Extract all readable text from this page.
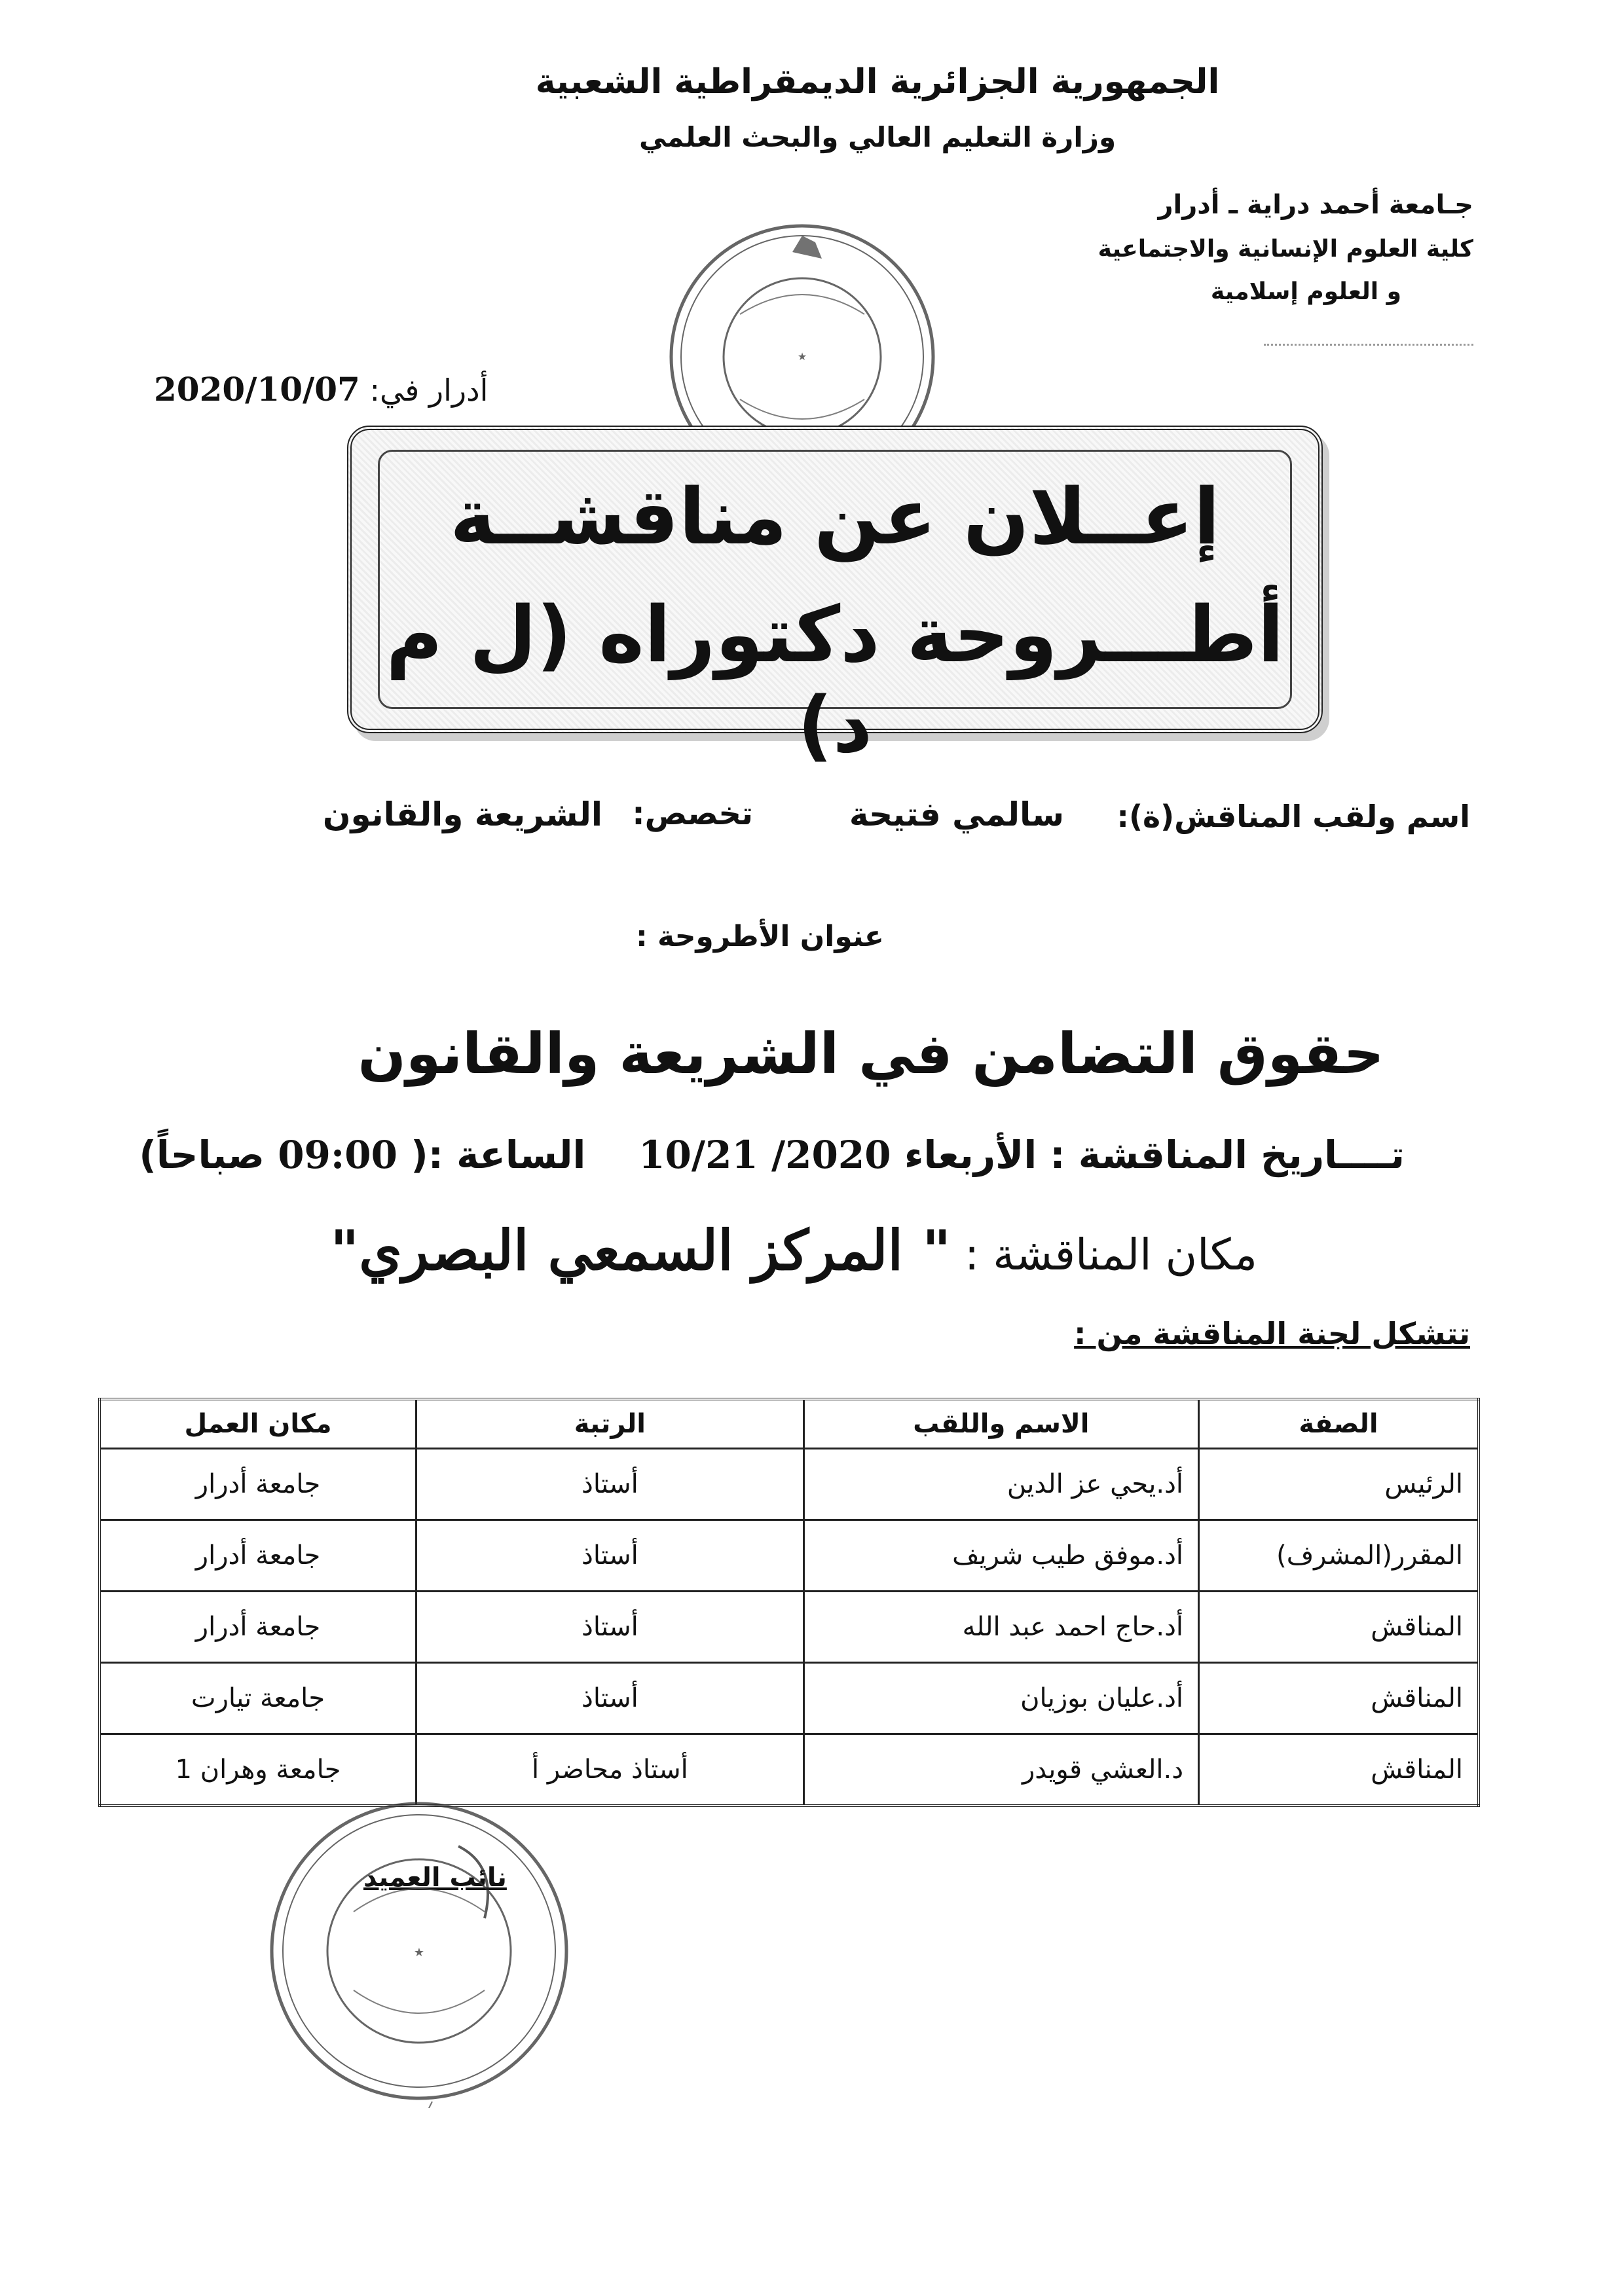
الجمهورية الجزائرية الديمقراطية الشعبية
وزارة التعليم العالي والبحث العلمي
جـامعة أحمد دراية ـ أدرار
كلية العلوم الإنسانية والاجتماعية
و العلوم إسلامية
أدرار في: 2020/10/07
★
إعــلان عن مناقشــة
أطـــروحة دكتوراه (ل م د)
اسم ولقب المناقش(ة):
سالمي فتيحة
تخصص:
الشريعة والقانون
عنوان الأطروحة :
حقوق التضامن في الشريعة والقانون
تــــاريخ المناقشة : الأربعاء 2020/ 10/21    الساعة :( 09:00 صباحاً)
مكان المناقشة : " المركز السمعي البصري"
تتشكل لجنة المناقشة من :
الصفة	الاسم واللقب	الرتبة	مكان العمل
الرئيس	أد.يحي عز الدين	أستاذ	جامعة أدرار
المقرر(المشرف)	أد.موفق طيب شريف	أستاذ	جامعة أدرار
المناقش	أد.حاج احمد عبد الله	أستاذ	جامعة أدرار
المناقش	أد.عليان بوزيان	أستاذ	جامعة تيارت
المناقش	د.العشي قويدر	أستاذ محاضر أ	جامعة وهران 1
نائب العميد
★
